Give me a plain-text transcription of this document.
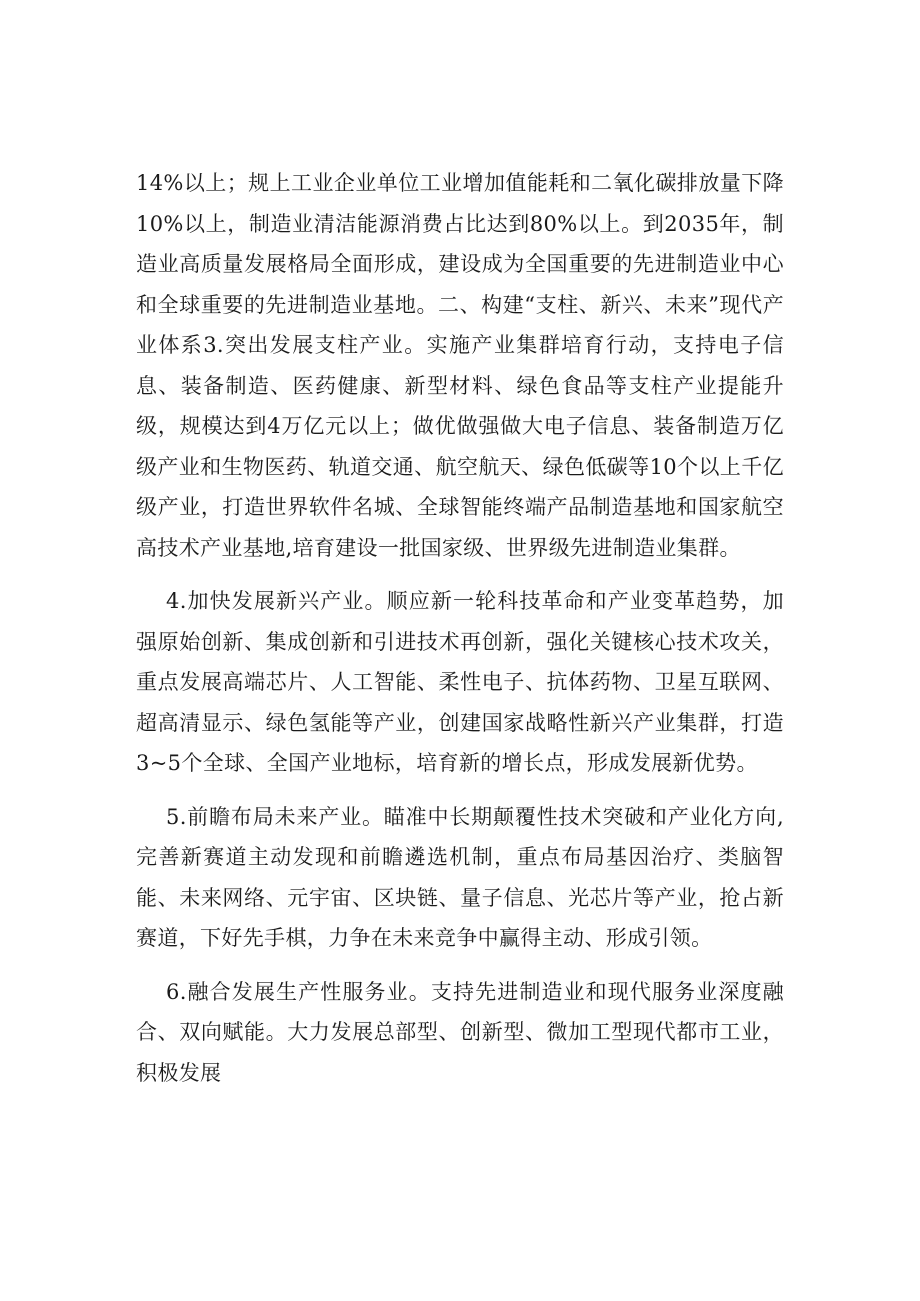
14%以上；规上工业企业单位工业增加值能耗和二氧化碳排放量下降10%以上，制造业清洁能源消费占比达到80%以上。到2035年，制造业高质量发展格局全面形成，建设成为全国重要的先进制造业中心和全球重要的先进制造业基地。二、构建“支柱、新兴、未来”现代产业体系3.突出发展支柱产业。实施产业集群培育行动，支持电子信息、装备制造、医药健康、新型材料、绿色食品等支柱产业提能升级，规模达到4万亿元以上；做优做强做大电子信息、装备制造万亿级产业和生物医药、轨道交通、航空航天、绿色低碳等10个以上千亿级产业，打造世界软件名城、全球智能终端产品制造基地和国家航空高技术产业基地,培育建设一批国家级、世界级先进制造业集群。

4.加快发展新兴产业。顺应新一轮科技革命和产业变革趋势，加强原始创新、集成创新和引进技术再创新，强化关键核心技术攻关，重点发展高端芯片、人工智能、柔性电子、抗体药物、卫星互联网、超高清显示、绿色氢能等产业，创建国家战略性新兴产业集群，打造3~5个全球、全国产业地标，培育新的增长点，形成发展新优势。

5.前瞻布局未来产业。瞄准中长期颠覆性技术突破和产业化方向,完善新赛道主动发现和前瞻遴选机制，重点布局基因治疗、类脑智能、未来网络、元宇宙、区块链、量子信息、光芯片等产业，抢占新赛道，下好先手棋，力争在未来竞争中赢得主动、形成引领。

6.融合发展生产性服务业。支持先进制造业和现代服务业深度融合、双向赋能。大力发展总部型、创新型、微加工型现代都市工业，积极发展
